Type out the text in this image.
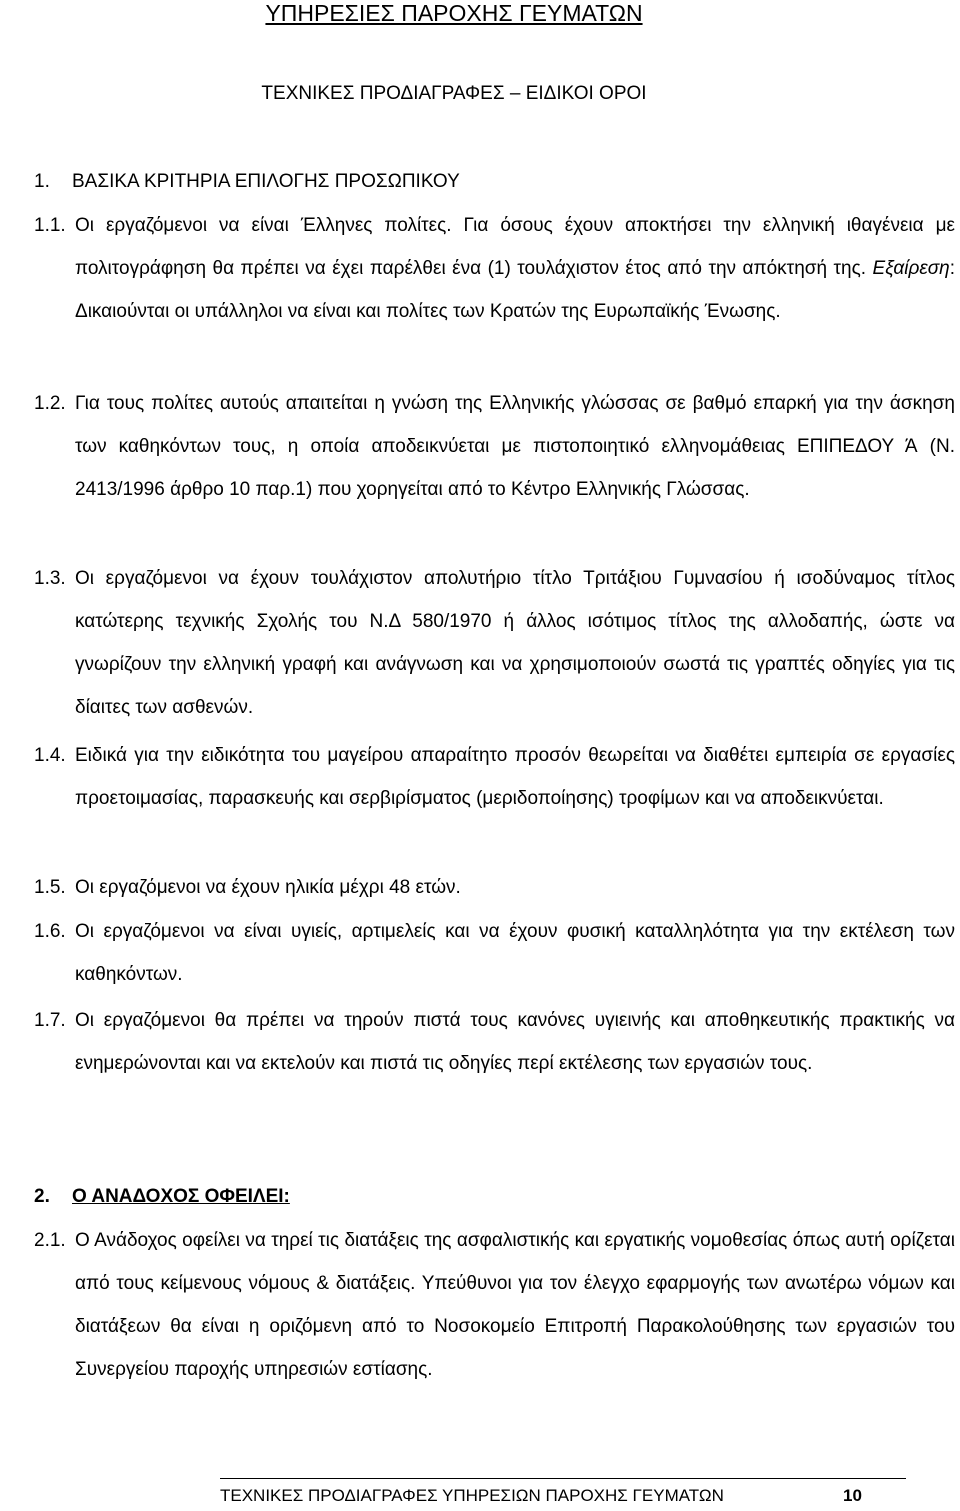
ΥΠΗΡΕΣΙΕΣ ΠΑΡΟΧΗΣ ΓΕΥΜΑΤΩΝ
ΤΕΧΝΙΚΕΣ ΠΡΟΔΙΑΓΡΑΦΕΣ – ΕΙΔΙΚΟΙ ΟΡΟΙ
1. ΒΑΣΙΚΑ ΚΡΙΤΗΡΙΑ ΕΠΙΛΟΓΗΣ ΠΡΟΣΩΠΙΚΟΥ
1.1. Οι εργαζόμενοι να είναι Έλληνες πολίτες. Για όσους έχουν αποκτήσει την ελληνική ιθαγένεια με πολιτογράφηση θα πρέπει να έχει παρέλθει ένα (1) τουλάχιστον έτος από την απόκτησή της. Εξαίρεση: Δικαιούνται οι υπάλληλοι να είναι και πολίτες των Κρατών της Ευρωπαϊκής Ένωσης.
1.2. Για τους πολίτες αυτούς απαιτείται η γνώση της Ελληνικής γλώσσας σε βαθμό επαρκή για την άσκηση των καθηκόντων τους, η οποία αποδεικνύεται με πιστοποιητικό ελληνομάθειας ΕΠΙΠΕΔΟΥ Ά (Ν. 2413/1996 άρθρο 10 παρ.1) που χορηγείται από το Κέντρο Ελληνικής Γλώσσας.
1.3. Οι εργαζόμενοι να έχουν τουλάχιστον απολυτήριο τίτλο Τριτάξιου Γυμνασίου ή ισοδύναμος τίτλος κατώτερης τεχνικής Σχολής του Ν.Δ 580/1970 ή άλλος ισότιμος τίτλος της αλλοδαπής, ώστε να γνωρίζουν την ελληνική γραφή και ανάγνωση και να χρησιμοποιούν σωστά τις γραπτές οδηγίες για τις δίαιτες των ασθενών.
1.4. Ειδικά για την ειδικότητα του μαγείρου απαραίτητο προσόν θεωρείται να διαθέτει εμπειρία σε εργασίες προετοιμασίας, παρασκευής και σερβιρίσματος (μεριδοποίησης) τροφίμων και να αποδεικνύεται.
1.5. Οι εργαζόμενοι να έχουν ηλικία μέχρι 48 ετών.
1.6. Οι εργαζόμενοι να είναι υγιείς, αρτιμελείς και να έχουν φυσική καταλληλότητα για την εκτέλεση των καθηκόντων.
1.7. Οι εργαζόμενοι θα πρέπει να τηρούν πιστά τους κανόνες υγιεινής και αποθηκευτικής πρακτικής να ενημερώνονται και να εκτελούν και πιστά τις οδηγίες περί εκτέλεσης των εργασιών τους.
2. Ο ΑΝΑΔΟΧΟΣ ΟΦΕΙΛΕΙ:
2.1. Ο Ανάδοχος οφείλει να τηρεί τις διατάξεις της ασφαλιστικής και εργατικής νομοθεσίας όπως αυτή ορίζεται από τους κείμενους νόμους & διατάξεις. Υπεύθυνοι για τον έλεγχο εφαρμογής των ανωτέρω νόμων και διατάξεων θα είναι η οριζόμενη από το Νοσοκομείο Επιτροπή Παρακολούθησης των εργασιών του Συνεργείου παροχής υπηρεσιών εστίασης.
ΤΕΧΝΙΚΕΣ ΠΡΟΔΙΑΓΡΑΦΕΣ ΥΠΗΡΕΣΙΩΝ ΠΑΡΟΧΗΣ ΓΕΥΜΑΤΩΝ	10
